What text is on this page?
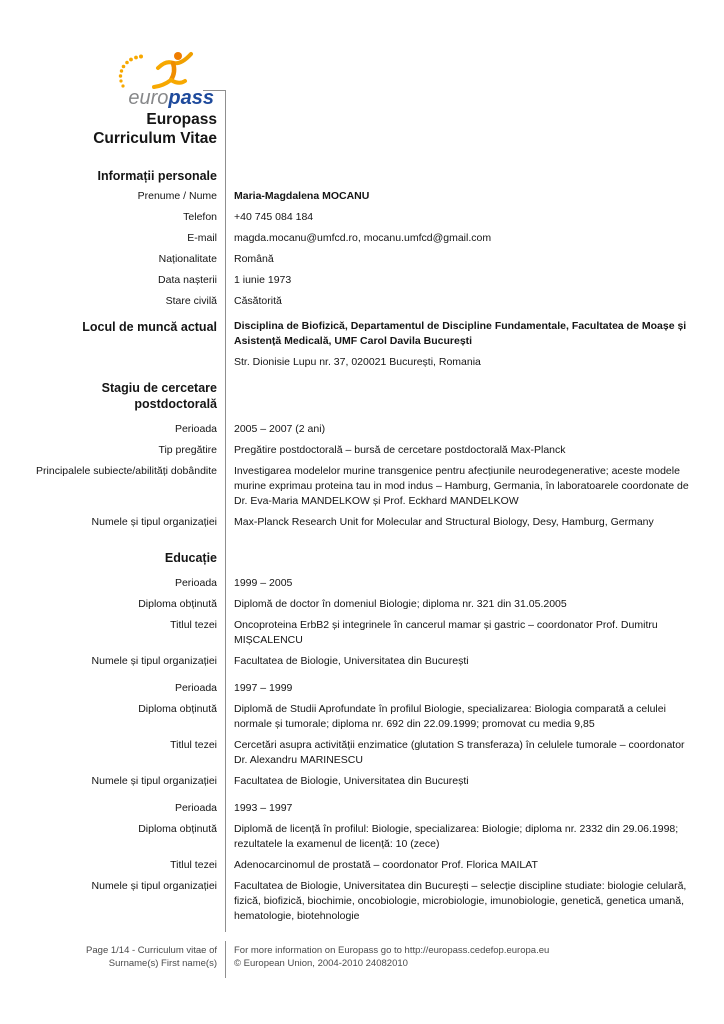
europass
Europass
Curriculum Vitae
Informații personale
Prenume / Nume	Maria-Magdalena MOCANU
Telefon	+40 745 084 184
E-mail	magda.mocanu@umfcd.ro, mocanu.umfcd@gmail.com
Naționalitate	Română
Data nașterii	1 iunie 1973
Stare civilă	Căsătorită
Locul de muncă actual	Disciplina de Biofizică, Departamentul de Discipline Fundamentale, Facultatea de Moașe și Asistență Medicală, UMF Carol Davila București
Str. Dionisie Lupu nr. 37, 020021 București, Romania
Stagiu de cercetare
postdoctorală
Perioada	2005 – 2007 (2 ani)
Tip pregătire	Pregătire postdoctorală – bursă de cercetare postdoctorală Max-Planck
Principalele subiecte/abilități dobândite	Investigarea modelelor murine transgenice pentru afecțiunile neurodegenerative; aceste modele murine exprimau proteina tau in mod indus – Hamburg, Germania, în laboratoarele coordonate de Dr. Eva-Maria MANDELKOW și Prof. Eckhard MANDELKOW
Numele și tipul organizației	Max-Planck Research Unit for Molecular and Structural Biology, Desy, Hamburg, Germany
Educație
Perioada	1999 – 2005
Diploma obținută	Diplomă de doctor în domeniul Biologie; diploma nr. 321 din 31.05.2005
Titlul tezei	Oncoproteina ErbB2 și integrinele în cancerul mamar și gastric – coordonator Prof. Dumitru MIȘCALENCU
Numele și tipul organizației	Facultatea de Biologie, Universitatea din București
Perioada	1997 – 1999
Diploma obținută	Diplomă de Studii Aprofundate în profilul Biologie, specializarea: Biologia comparată a celulei normale și tumorale; diploma nr. 692 din 22.09.1999; promovat cu media 9,85
Titlul tezei	Cercetări asupra activității enzimatice (glutation S transferaza) în celulele tumorale – coordonator Dr. Alexandru MARINESCU
Numele și tipul organizației	Facultatea de Biologie, Universitatea din București
Perioada	1993 – 1997
Diploma obținută	Diplomă de licență în profilul: Biologie, specializarea: Biologie; diploma nr. 2332 din 29.06.1998; rezultatele la examenul de licență: 10 (zece)
Titlul tezei	Adenocarcinomul de prostată – coordonator Prof. Florica MAILAT
Numele și tipul organizației	Facultatea de Biologie, Universitatea din București – selecție discipline studiate: biologie celulară, fizică, biofizică, biochimie, oncobiologie, microbiologie, imunobiologie, genetică, genetica umană, hematologie, biotehnologie
Page 1/14 - Curriculum vitae of
Surname(s) First name(s)
For more information on Europass go to http://europass.cedefop.europa.eu
© European Union, 2004-2010 24082010
